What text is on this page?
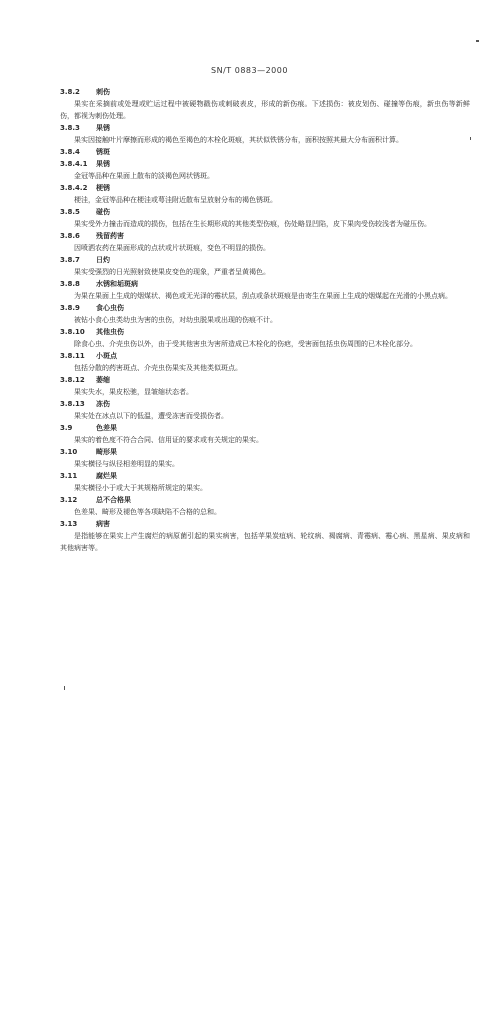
SN/T 0883—2000

3.8.2 刺伤

果实在采摘前或处理或贮运过程中被硬物戳伤或刺破表皮，形成的新伤痕。下述损伤：被皮划伤、碰撞等伤痕，新虫伤等新鲜伤，都视为刺伤处理。

3.8.3 果锈

果实因接触叶片摩擦而形成的褐色至褐色的木栓化斑痕，其状似铁锈分布，面积按照其最大分布面积计算。

3.8.4 锈斑

3.8.4.1 果锈

金冠等品种在果面上散布的淡褐色网状锈斑。

3.8.4.2 梗锈

梗洼，金冠等品种在梗洼或萼洼附近散布呈放射分布的褐色锈斑。

3.8.5 碰伤

果实受外力撞击而造成的损伤，包括在生长期形成的其他类型伤痕，伤处略显凹陷，皮下果肉受伤较浅者为碰压伤。

3.8.6 残留药害

因喷洒农药在果面形成的点状或片状斑痕，变色不明显的损伤。

3.8.7 日灼

果实受强烈的日光照射致使果皮变色的现象，严重者呈黄褐色。

3.8.8 水锈和垢斑病

为果在果面上生成的烟煤状、褐色或无光泽的霉状层，刮点或条状斑痕是由寄生在果面上生成的烟煤起在光滑的小黑点病。

3.8.9 食心虫伤

被钻小食心虫类幼虫为害的虫伤，对幼虫脱果或出现的伤痕不计。

3.8.10 其他虫伤

除食心虫、介壳虫伤以外，由于受其他害虫为害所造成已木栓化的伤疤，受害面包括虫伤周围的已木栓化部分。

3.8.11 小斑点

包括分散的药害斑点、介壳虫伤果实及其他类似斑点。

3.8.12 萎缩

果实失水，果皮松驰，显皱缩状态者。

3.8.13 冻伤

果实处在冰点以下的低温，遭受冻害而受损伤者。

3.9	色差果

果实的着色度不符合合同、信用证的要求或有关规定的果实。

3.10	畸形果

果实横径与纵径相差明显的果实。

3.11	腐烂果

果实横径小于或大于其规格所规定的果实。

3.12	总不合格果

色差果、畸形及褪色等各项缺陷不合格的总和。

3.13	病害

是指能够在果实上产生腐烂的病原菌引起的果实病害，包括苹果炭疽病、轮纹病、褐腐病、青霉病、霉心病、黑星病、果皮病和其他病害等。
